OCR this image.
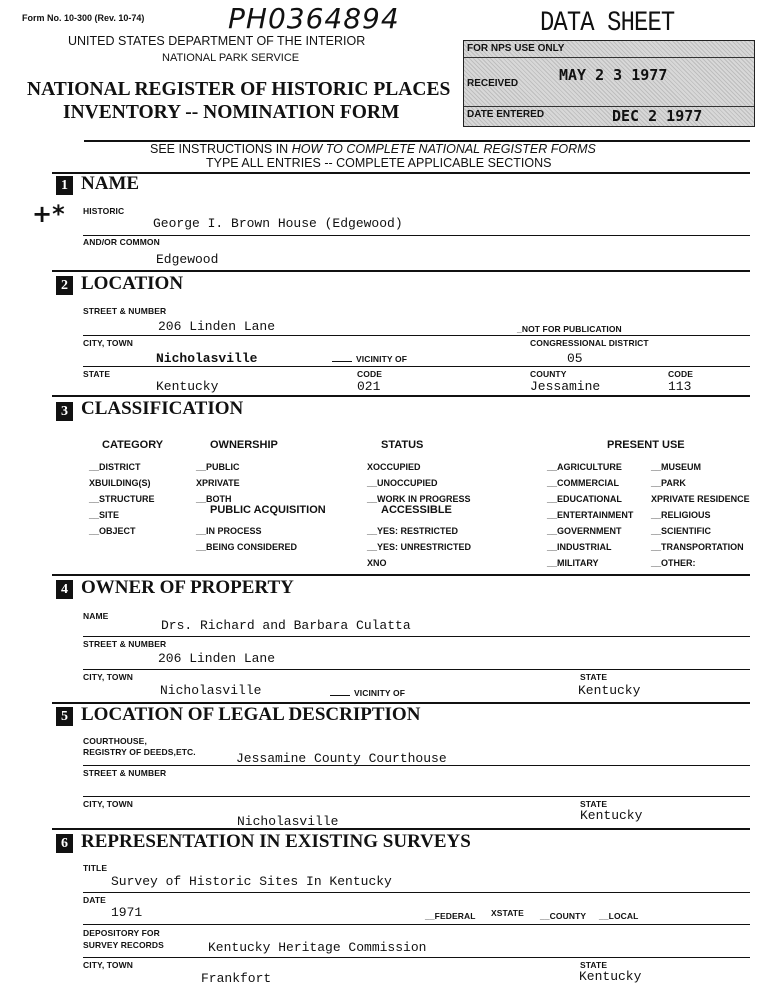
Form No. 10-300 (Rev. 10-74)	PH0364894
UNITED STATES DEPARTMENT OF THE INTERIOR
NATIONAL PARK SERVICE
NATIONAL REGISTER OF HISTORIC PLACES
INVENTORY -- NOMINATION FORM
DATA SHEET
FOR NPS USE ONLY
RECEIVED	MAY 2 3 1977
DATE ENTERED	DEC 2 1977
SEE INSTRUCTIONS IN HOW TO COMPLETE NATIONAL REGISTER FORMS
TYPE ALL ENTRIES -- COMPLETE APPLICABLE SECTIONS
1 NAME
+* HISTORIC
George I. Brown House (Edgewood)
AND/OR COMMON
Edgewood
2 LOCATION
STREET & NUMBER
206 Linden Lane	_NOT FOR PUBLICATION
CITY, TOWN	CONGRESSIONAL DISTRICT
Nicholasville	VICINITY OF	05
STATE	CODE	COUNTY	CODE
Kentucky	021	Jessamine	113
3 CLASSIFICATION
CATEGORY
__DISTRICT
XBUILDING(S)
__STRUCTURE
__SITE
__OBJECT
OWNERSHIP
__PUBLIC
XPRIVATE
__BOTH
PUBLIC ACQUISITION
__IN PROCESS
__BEING CONSIDERED
STATUS
XOCCUPIED
__UNOCCUPIED
__WORK IN PROGRESS
ACCESSIBLE
__YES: RESTRICTED
__YES: UNRESTRICTED
XNO
PRESENT USE
__AGRICULTURE
__COMMERCIAL
__EDUCATIONAL
__ENTERTAINMENT
__GOVERNMENT
__INDUSTRIAL
__MILITARY
__MUSEUM
__PARK
XPRIVATE RESIDENCE
__RELIGIOUS
__SCIENTIFIC
__TRANSPORTATION
__OTHER:
4 OWNER OF PROPERTY
NAME
Drs. Richard and Barbara Culatta
STREET & NUMBER
206 Linden Lane
CITY, TOWN	STATE
Nicholasville	VICINITY OF	Kentucky
5 LOCATION OF LEGAL DESCRIPTION
COURTHOUSE,
REGISTRY OF DEEDS,ETC.	Jessamine County Courthouse
STREET & NUMBER
CITY, TOWN	STATE
Nicholasville	Kentucky
6 REPRESENTATION IN EXISTING SURVEYS
TITLE
Survey of Historic Sites In Kentucky
DATE
1971	__FEDERAL XSTATE __COUNTY __LOCAL
DEPOSITORY FOR
SURVEY RECORDS	Kentucky Heritage Commission
CITY, TOWN	STATE
Frankfort	Kentucky
